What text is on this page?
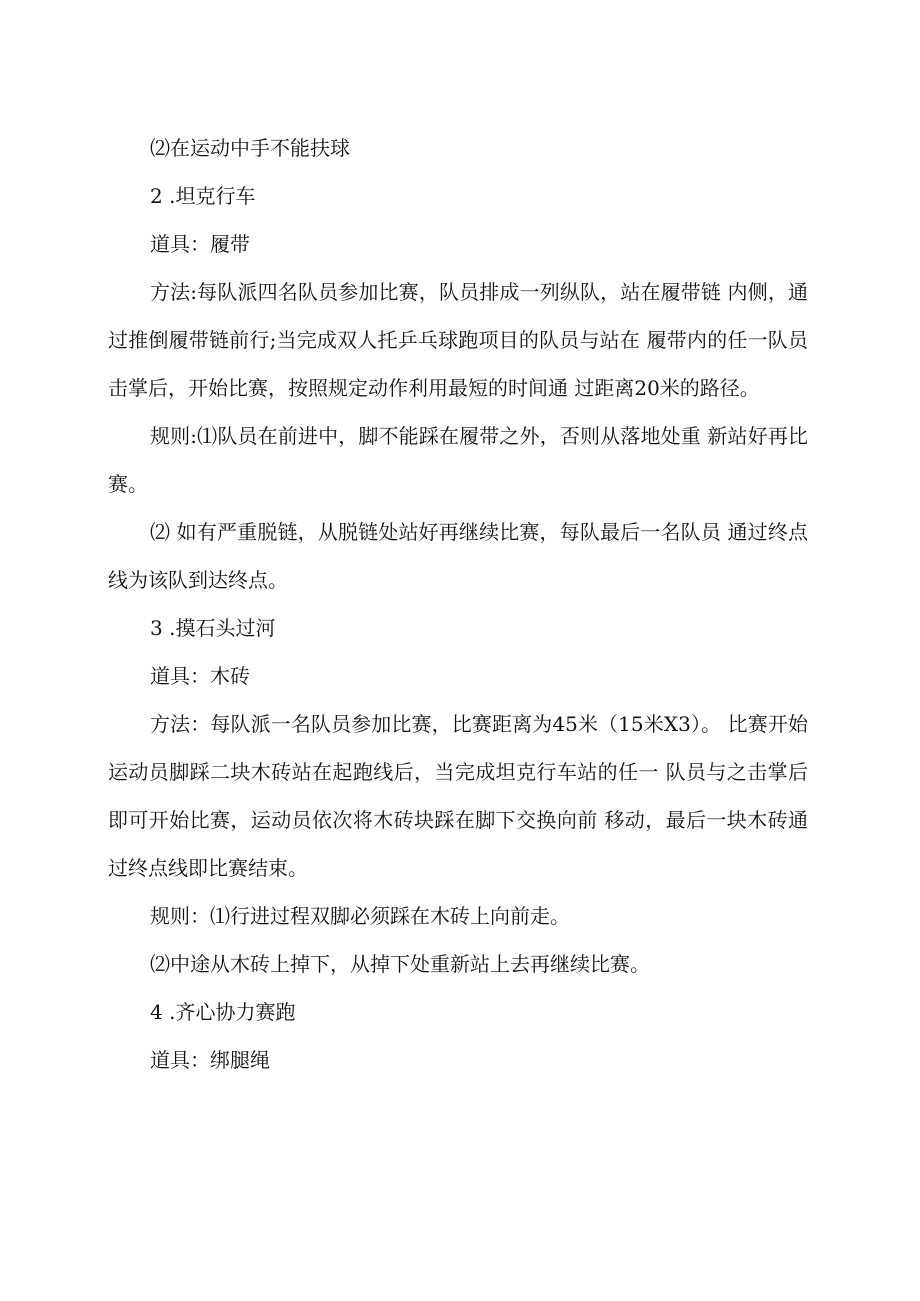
⑵在运动中手不能扶球

2 .坦克行车

道具：履带

方法:每队派四名队员参加比赛，队员排成一列纵队，站在履带链 内侧，通过推倒履带链前行;当完成双人托乒乓球跑项目的队员与站在 履带内的任一队员击掌后，开始比赛，按照规定动作利用最短的时间通 过距离20米的路径。

规则:⑴队员在前进中，脚不能踩在履带之外，否则从落地处重 新站好再比赛。

⑵ 如有严重脱链，从脱链处站好再继续比赛，每队最后一名队员 通过终点线为该队到达终点。

3 .摸石头过河

道具：木砖

方法：每队派一名队员参加比赛，比赛距离为45米（15米X3）。 比赛开始运动员脚踩二块木砖站在起跑线后，当完成坦克行车站的任一 队员与之击掌后即可开始比赛，运动员依次将木砖块踩在脚下交换向前 移动，最后一块木砖通过终点线即比赛结束。

规则：⑴行进过程双脚必须踩在木砖上向前走。

⑵中途从木砖上掉下，从掉下处重新站上去再继续比赛。

4 .齐心协力赛跑

道具：绑腿绳
